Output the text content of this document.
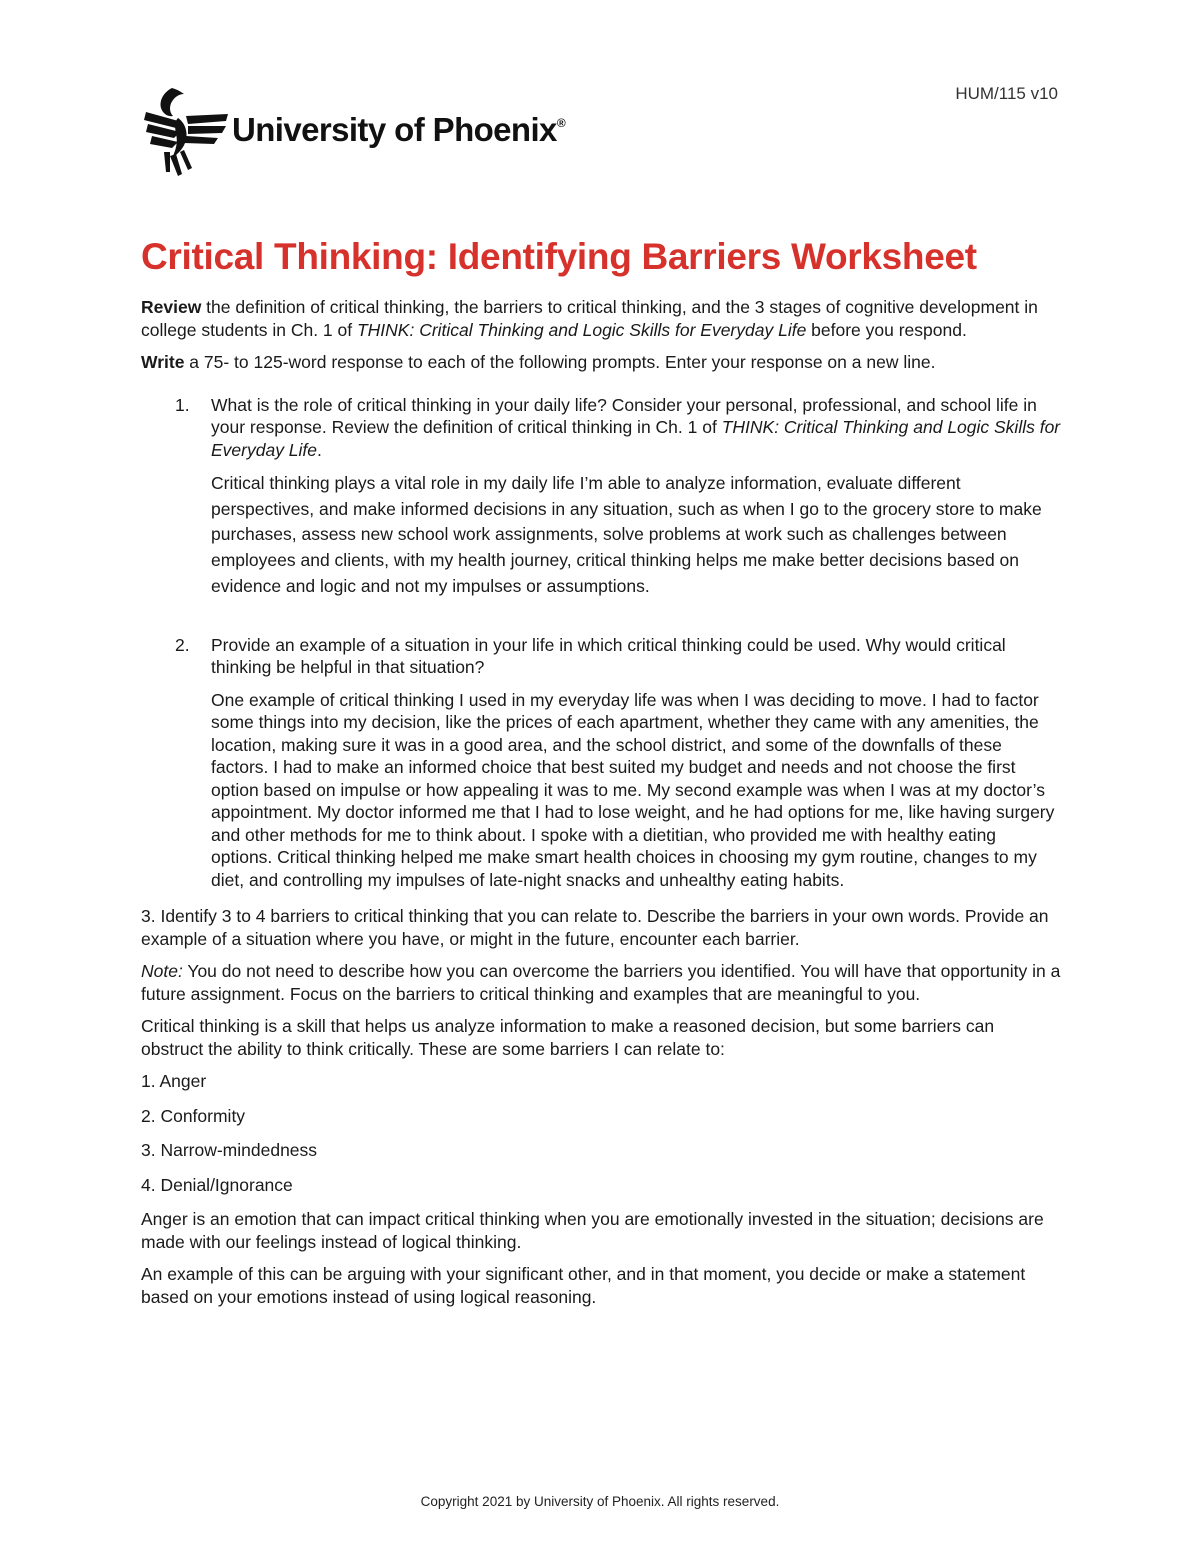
HUM/115 v10
University of Phoenix®
Critical Thinking: Identifying Barriers Worksheet

Review the definition of critical thinking, the barriers to critical thinking, and the 3 stages of cognitive development in college students in Ch. 1 of THINK: Critical Thinking and Logic Skills for Everyday Life before you respond.

Write a 75- to 125-word response to each of the following prompts. Enter your response on a new line.

1. What is the role of critical thinking in your daily life? Consider your personal, professional, and school life in your response. Review the definition of critical thinking in Ch. 1 of THINK: Critical Thinking and Logic Skills for Everyday Life.

Critical thinking plays a vital role in my daily life I’m able to analyze information, evaluate different perspectives, and make informed decisions in any situation, such as when I go to the grocery store to make purchases, assess new school work assignments, solve problems at work such as challenges between employees and clients, with my health journey, critical thinking helps me make better decisions based on evidence and logic and not my impulses or assumptions.

2. Provide an example of a situation in your life in which critical thinking could be used. Why would critical thinking be helpful in that situation?

One example of critical thinking I used in my everyday life was when I was deciding to move. I had to factor some things into my decision, like the prices of each apartment, whether they came with any amenities, the location, making sure it was in a good area, and the school district, and some of the downfalls of these factors. I had to make an informed choice that best suited my budget and needs and not choose the first option based on impulse or how appealing it was to me. My second example was when I was at my doctor’s appointment. My doctor informed me that I had to lose weight, and he had options for me, like having surgery and other methods for me to think about. I spoke with a dietitian, who provided me with healthy eating options. Critical thinking helped me make smart health choices in choosing my gym routine, changes to my diet, and controlling my impulses of late-night snacks and unhealthy eating habits.

3. Identify 3 to 4 barriers to critical thinking that you can relate to. Describe the barriers in your own words. Provide an example of a situation where you have, or might in the future, encounter each barrier.

Note: You do not need to describe how you can overcome the barriers you identified. You will have that opportunity in a future assignment. Focus on the barriers to critical thinking and examples that are meaningful to you.

Critical thinking is a skill that helps us analyze information to make a reasoned decision, but some barriers can obstruct the ability to think critically. These are some barriers I can relate to:

1. Anger

2. Conformity

3. Narrow-mindedness

4. Denial/Ignorance

Anger is an emotion that can impact critical thinking when you are emotionally invested in the situation; decisions are made with our feelings instead of logical thinking.

An example of this can be arguing with your significant other, and in that moment, you decide or make a statement based on your emotions instead of using logical reasoning.

Copyright 2021 by University of Phoenix. All rights reserved.
